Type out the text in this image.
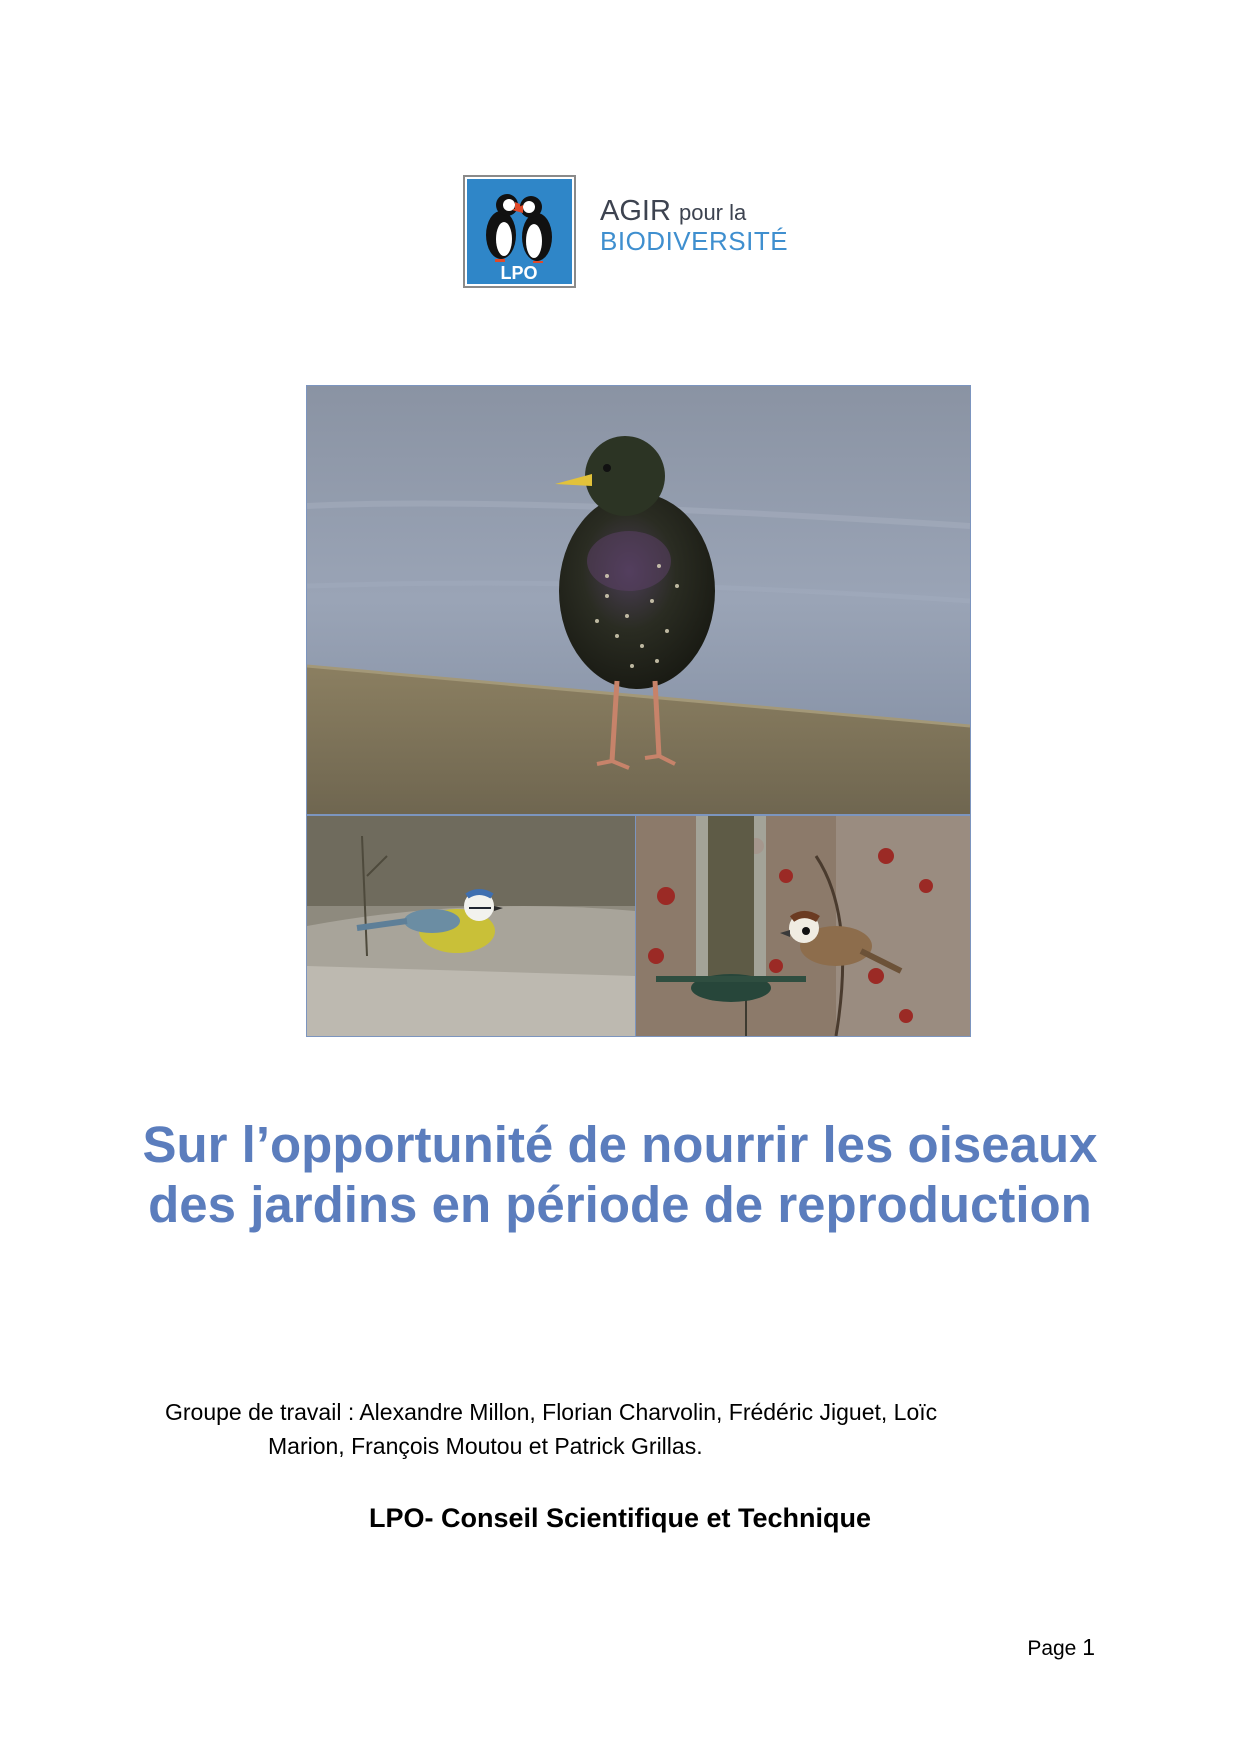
LPO
AGIR pour la
BIODIVERSITÉ
Sur l’opportunité de nourrir les oiseaux des jardins en période de reproduction
Groupe de travail : Alexandre Millon, Florian Charvolin, Frédéric Jiguet, Loïc
Marion, François Moutou et Patrick Grillas.
LPO- Conseil Scientifique et Technique
Page 1
